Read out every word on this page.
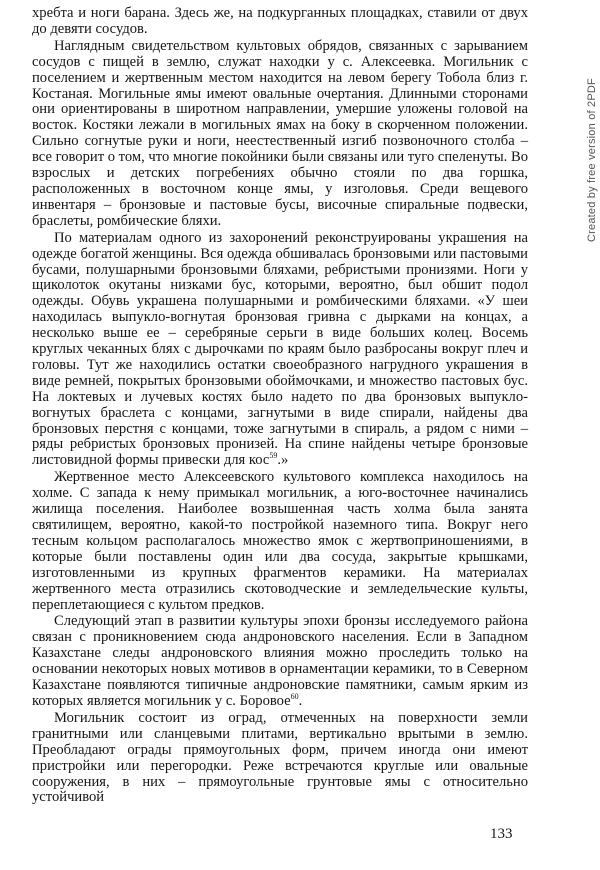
хребта и ноги барана. Здесь же, на подкурганных площадках, ставили от двух до девяти сосудов.

Наглядным свидетельством культовых обрядов, связанных с зарыванием сосудов с пищей в землю, служат находки у с. Алексеевка. Могильник с поселением и жертвенным местом находится на левом берегу Тобола близ г. Костаная. Могильные ямы имеют овальные очертания. Длинными сторонами они ориентированы в широтном направлении, умершие уложены головой на восток. Костяки лежали в могильных ямах на боку в скорченном положении. Сильно согнутые руки и ноги, неестественный изгиб позвоночного столба – все говорит о том, что многие покойники были связаны или туго спеленуты. Во взрослых и детских погребениях обычно стояли по два горшка, расположенных в восточном конце ямы, у изголовья. Среди вещевого инвентаря – бронзовые и пастовые бусы, височные спиральные подвески, браслеты, ромбические бляхи.

По материалам одного из захоронений реконструированы украшения на одежде богатой женщины. Вся одежда обшивалась бронзовыми или пастовыми бусами, полушарными бронзовыми бляхами, ребристыми пронизями. Ноги у щиколоток окутаны низками бус, которыми, вероятно, был обшит подол одежды. Обувь украшена полушарными и ромбическими бляхами. «У шеи находилась выпукло-вогнутая бронзовая гривна с дырками на концах, а несколько выше ее – серебряные серьги в виде больших колец. Восемь круглых чеканных блях с дырочками по краям было разбросаны вокруг плеч и головы. Тут же находились остатки своеобразного нагрудного украшения в виде ремней, покрытых бронзовыми обоймочками, и множество пастовых бус. На локтевых и лучевых костях было надето по два бронзовых выпукло-вогнутых браслета с концами, загнутыми в виде спирали, найдены два бронзовых перстня с концами, тоже загнутыми в спираль, а рядом с ними – ряды ребристых бронзовых пронизей. На спине найдены четыре бронзовые листовидной формы привески для кос$^{59}$.»

Жертвенное место Алексеевского культового комплекса находилось на холме. С запада к нему примыкал могильник, а юго-восточнее начинались жилища поселения. Наиболее возвышенная часть холма была занята святилищем, вероятно, какой-то постройкой наземного типа. Вокруг него тесным кольцом располагалось множество ямок с жертвоприношениями, в которые были поставлены один или два сосуда, закрытые крышками, изготовленными из крупных фрагментов керамики. На материалах жертвенного места отразились скотоводческие и земледельческие культы, переплетающиеся с культом предков.

Следующий этап в развитии культуры эпохи бронзы исследуемого района связан с проникновением сюда андроновского населения. Если в Западном Казахстане следы андроновского влияния можно проследить только на основании некоторых новых мотивов в орнаментации керамики, то в Северном Казахстане появляются типичные андроновские памятники, самым ярким из которых является могильник у с. Боровое$^{60}$.

Могильник состоит из оград, отмеченных на поверхности земли гранитными или сланцевыми плитами, вертикально врытыми в землю. Преобладают ограды прямоугольных форм, причем иногда они имеют пристройки или перегородки. Реже встречаются круглые или овальные сооружения, в них – прямоугольные грунтовые ямы с относительно устойчивой

Created by free version of 2PDF
133
